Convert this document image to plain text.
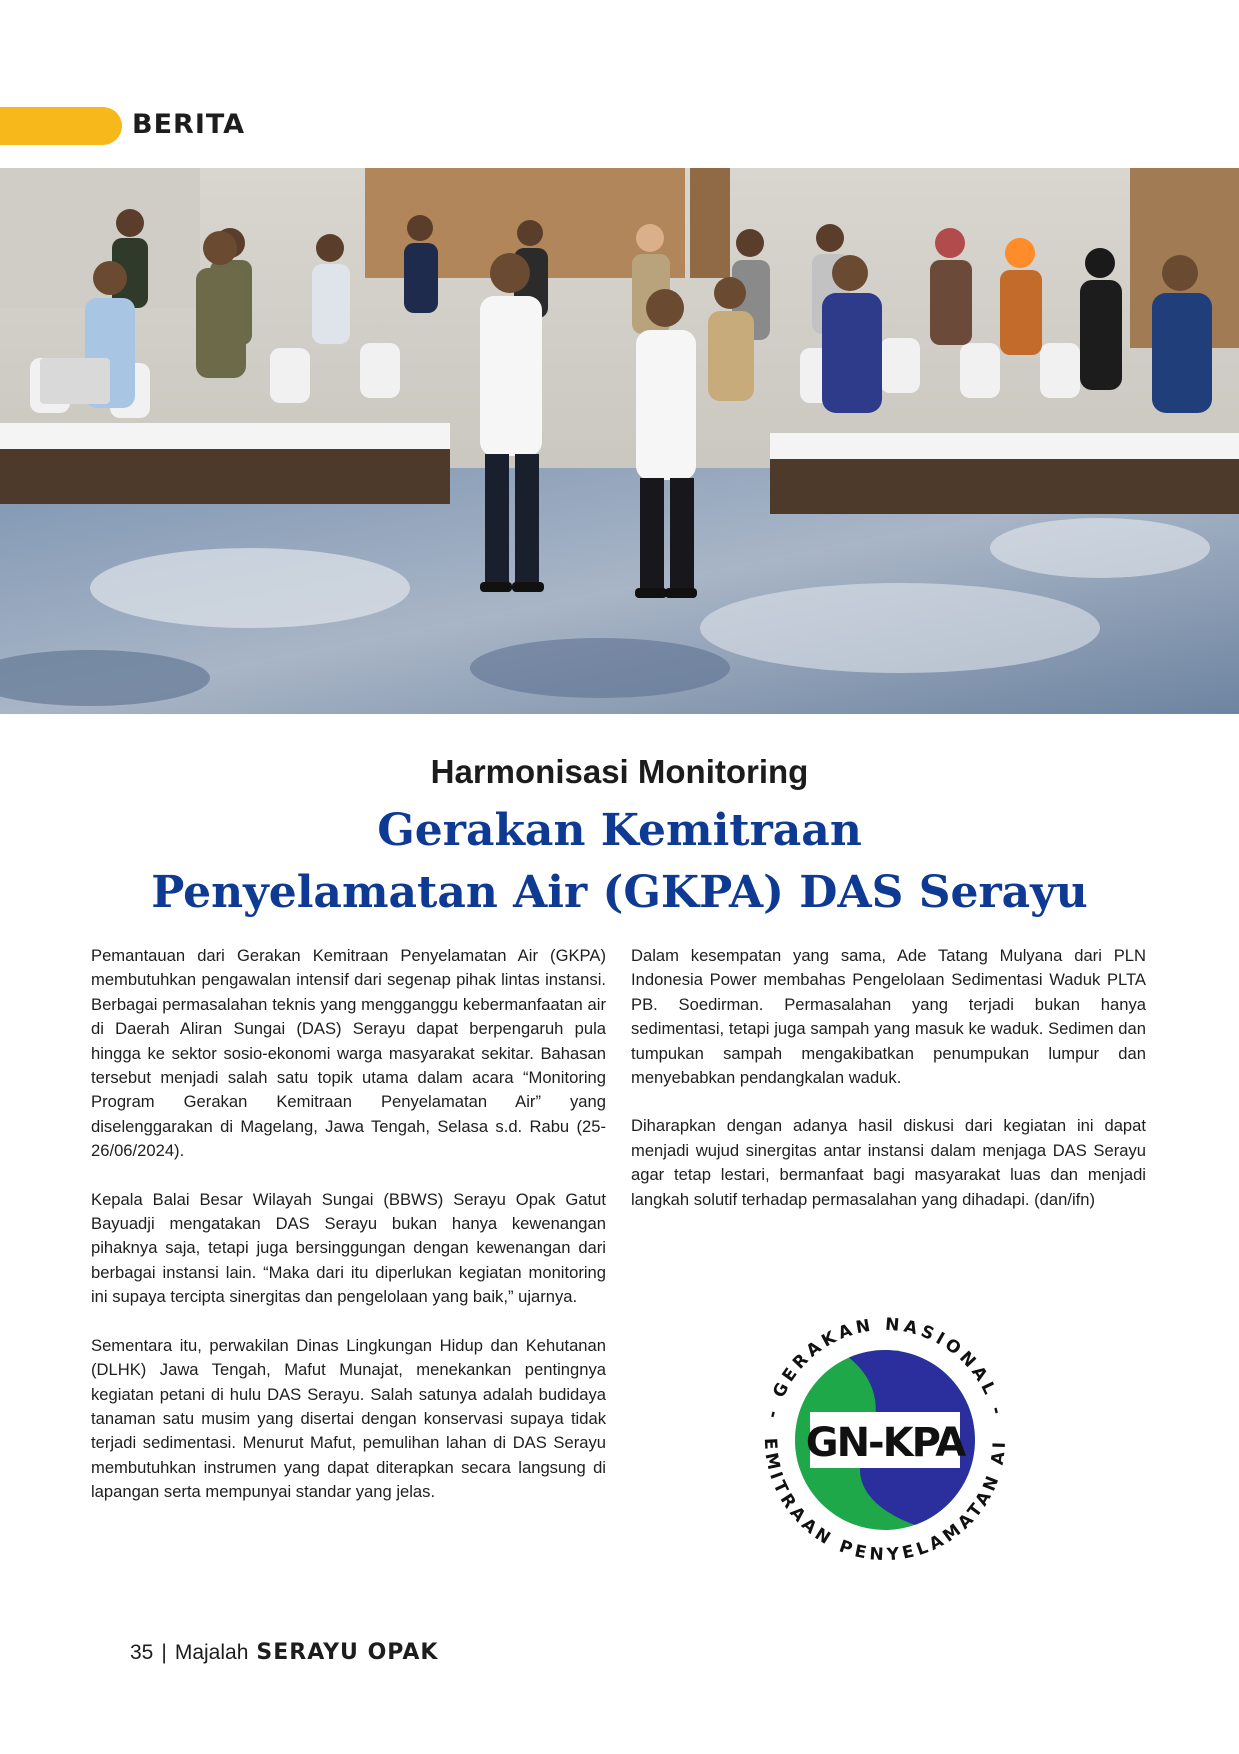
BERITA
Harmonisasi Monitoring
Gerakan Kemitraan
Penyelamatan Air (GKPA) DAS Serayu

Pemantauan dari Gerakan Kemitraan Penyelamatan Air (GKPA) membutuhkan pengawalan intensif dari segenap pihak lintas instansi. Berbagai permasalahan teknis yang mengganggu kebermanfaatan air di Daerah Aliran Sungai (DAS) Serayu dapat berpengaruh pula hingga ke sektor sosio-ekonomi warga masyarakat sekitar. Bahasan tersebut menjadi salah satu topik utama dalam acara “Monitoring Program Gerakan Kemitraan Penyelamatan Air” yang diselenggarakan di Magelang, Jawa Tengah, Selasa s.d. Rabu (25-26/06/2024).

Kepala Balai Besar Wilayah Sungai (BBWS) Serayu Opak Gatut Bayuadji mengatakan DAS Serayu bukan hanya kewenangan pihaknya saja, tetapi juga bersinggungan dengan kewenangan dari berbagai instansi lain. “Maka dari itu diperlukan kegiatan monitoring ini supaya tercipta sinergitas dan pengelolaan yang baik,” ujarnya.

Sementara itu, perwakilan Dinas Lingkungan Hidup dan Kehutanan (DLHK) Jawa Tengah, Mafut Munajat, menekankan pentingnya kegiatan petani di hulu DAS Serayu. Salah satunya adalah budidaya tanaman satu musim yang disertai dengan konservasi supaya tidak terjadi sedimentasi. Menurut Mafut, pemulihan lahan di DAS Serayu membutuhkan instrumen yang dapat diterapkan secara langsung di lapangan serta mempunyai standar yang jelas.

Dalam kesempatan yang sama, Ade Tatang Mulyana dari PLN Indonesia Power membahas Pengelolaan Sedimentasi Waduk PLTA PB. Soedirman. Permasalahan yang terjadi bukan hanya sedimentasi, tetapi juga sampah yang masuk ke waduk. Sedimen dan tumpukan sampah mengakibatkan penumpukan lumpur dan menyebabkan pendangkalan waduk.

Diharapkan dengan adanya hasil diskusi dari kegiatan ini dapat menjadi wujud sinergitas antar instansi dalam menjaga DAS Serayu agar tetap lestari, bermanfaat bagi masyarakat luas dan menjadi langkah solutif terhadap permasalahan yang dihadapi. (dan/ifn)

GN-KPA
- GERAKAN NASIONAL -
EMITRAAN PENYELAMATAN AI
35 | Majalah SERAYU OPAK
